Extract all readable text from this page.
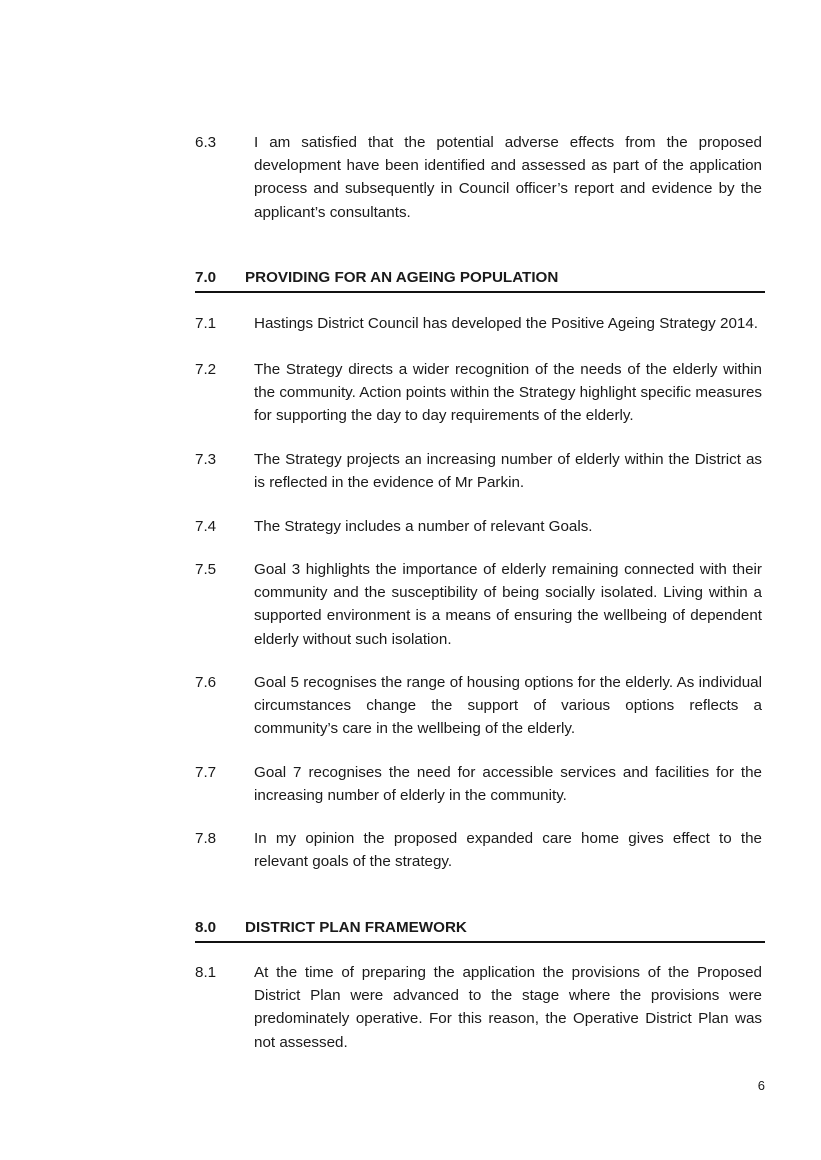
6.3	I am satisfied that the potential adverse effects from the proposed development have been identified and assessed as part of the application process and subsequently in Council officer’s report and evidence by the applicant’s consultants.
7.0 PROVIDING FOR AN AGEING POPULATION
7.1	Hastings District Council has developed the Positive Ageing Strategy 2014.
7.2	The Strategy directs a wider recognition of the needs of the elderly within the community. Action points within the Strategy highlight specific measures for supporting the day to day requirements of the elderly.
7.3	The Strategy projects an increasing number of elderly within the District as is reflected in the evidence of Mr Parkin.
7.4	The Strategy includes a number of relevant Goals.
7.5	Goal 3 highlights the importance of elderly remaining connected with their community and the susceptibility of being socially isolated. Living within a supported environment is a means of ensuring the wellbeing of dependent elderly without such isolation.
7.6	Goal 5 recognises the range of housing options for the elderly. As individual circumstances change the support of various options reflects a community’s care in the wellbeing of the elderly.
7.7	Goal 7 recognises the need for accessible services and facilities for the increasing number of elderly in the community.
7.8	In my opinion the proposed expanded care home gives effect to the relevant goals of the strategy.
8.0 DISTRICT PLAN FRAMEWORK
8.1	At the time of preparing the application the provisions of the Proposed District Plan were advanced to the stage where the provisions were predominately operative. For this reason, the Operative District Plan was not assessed.
6
